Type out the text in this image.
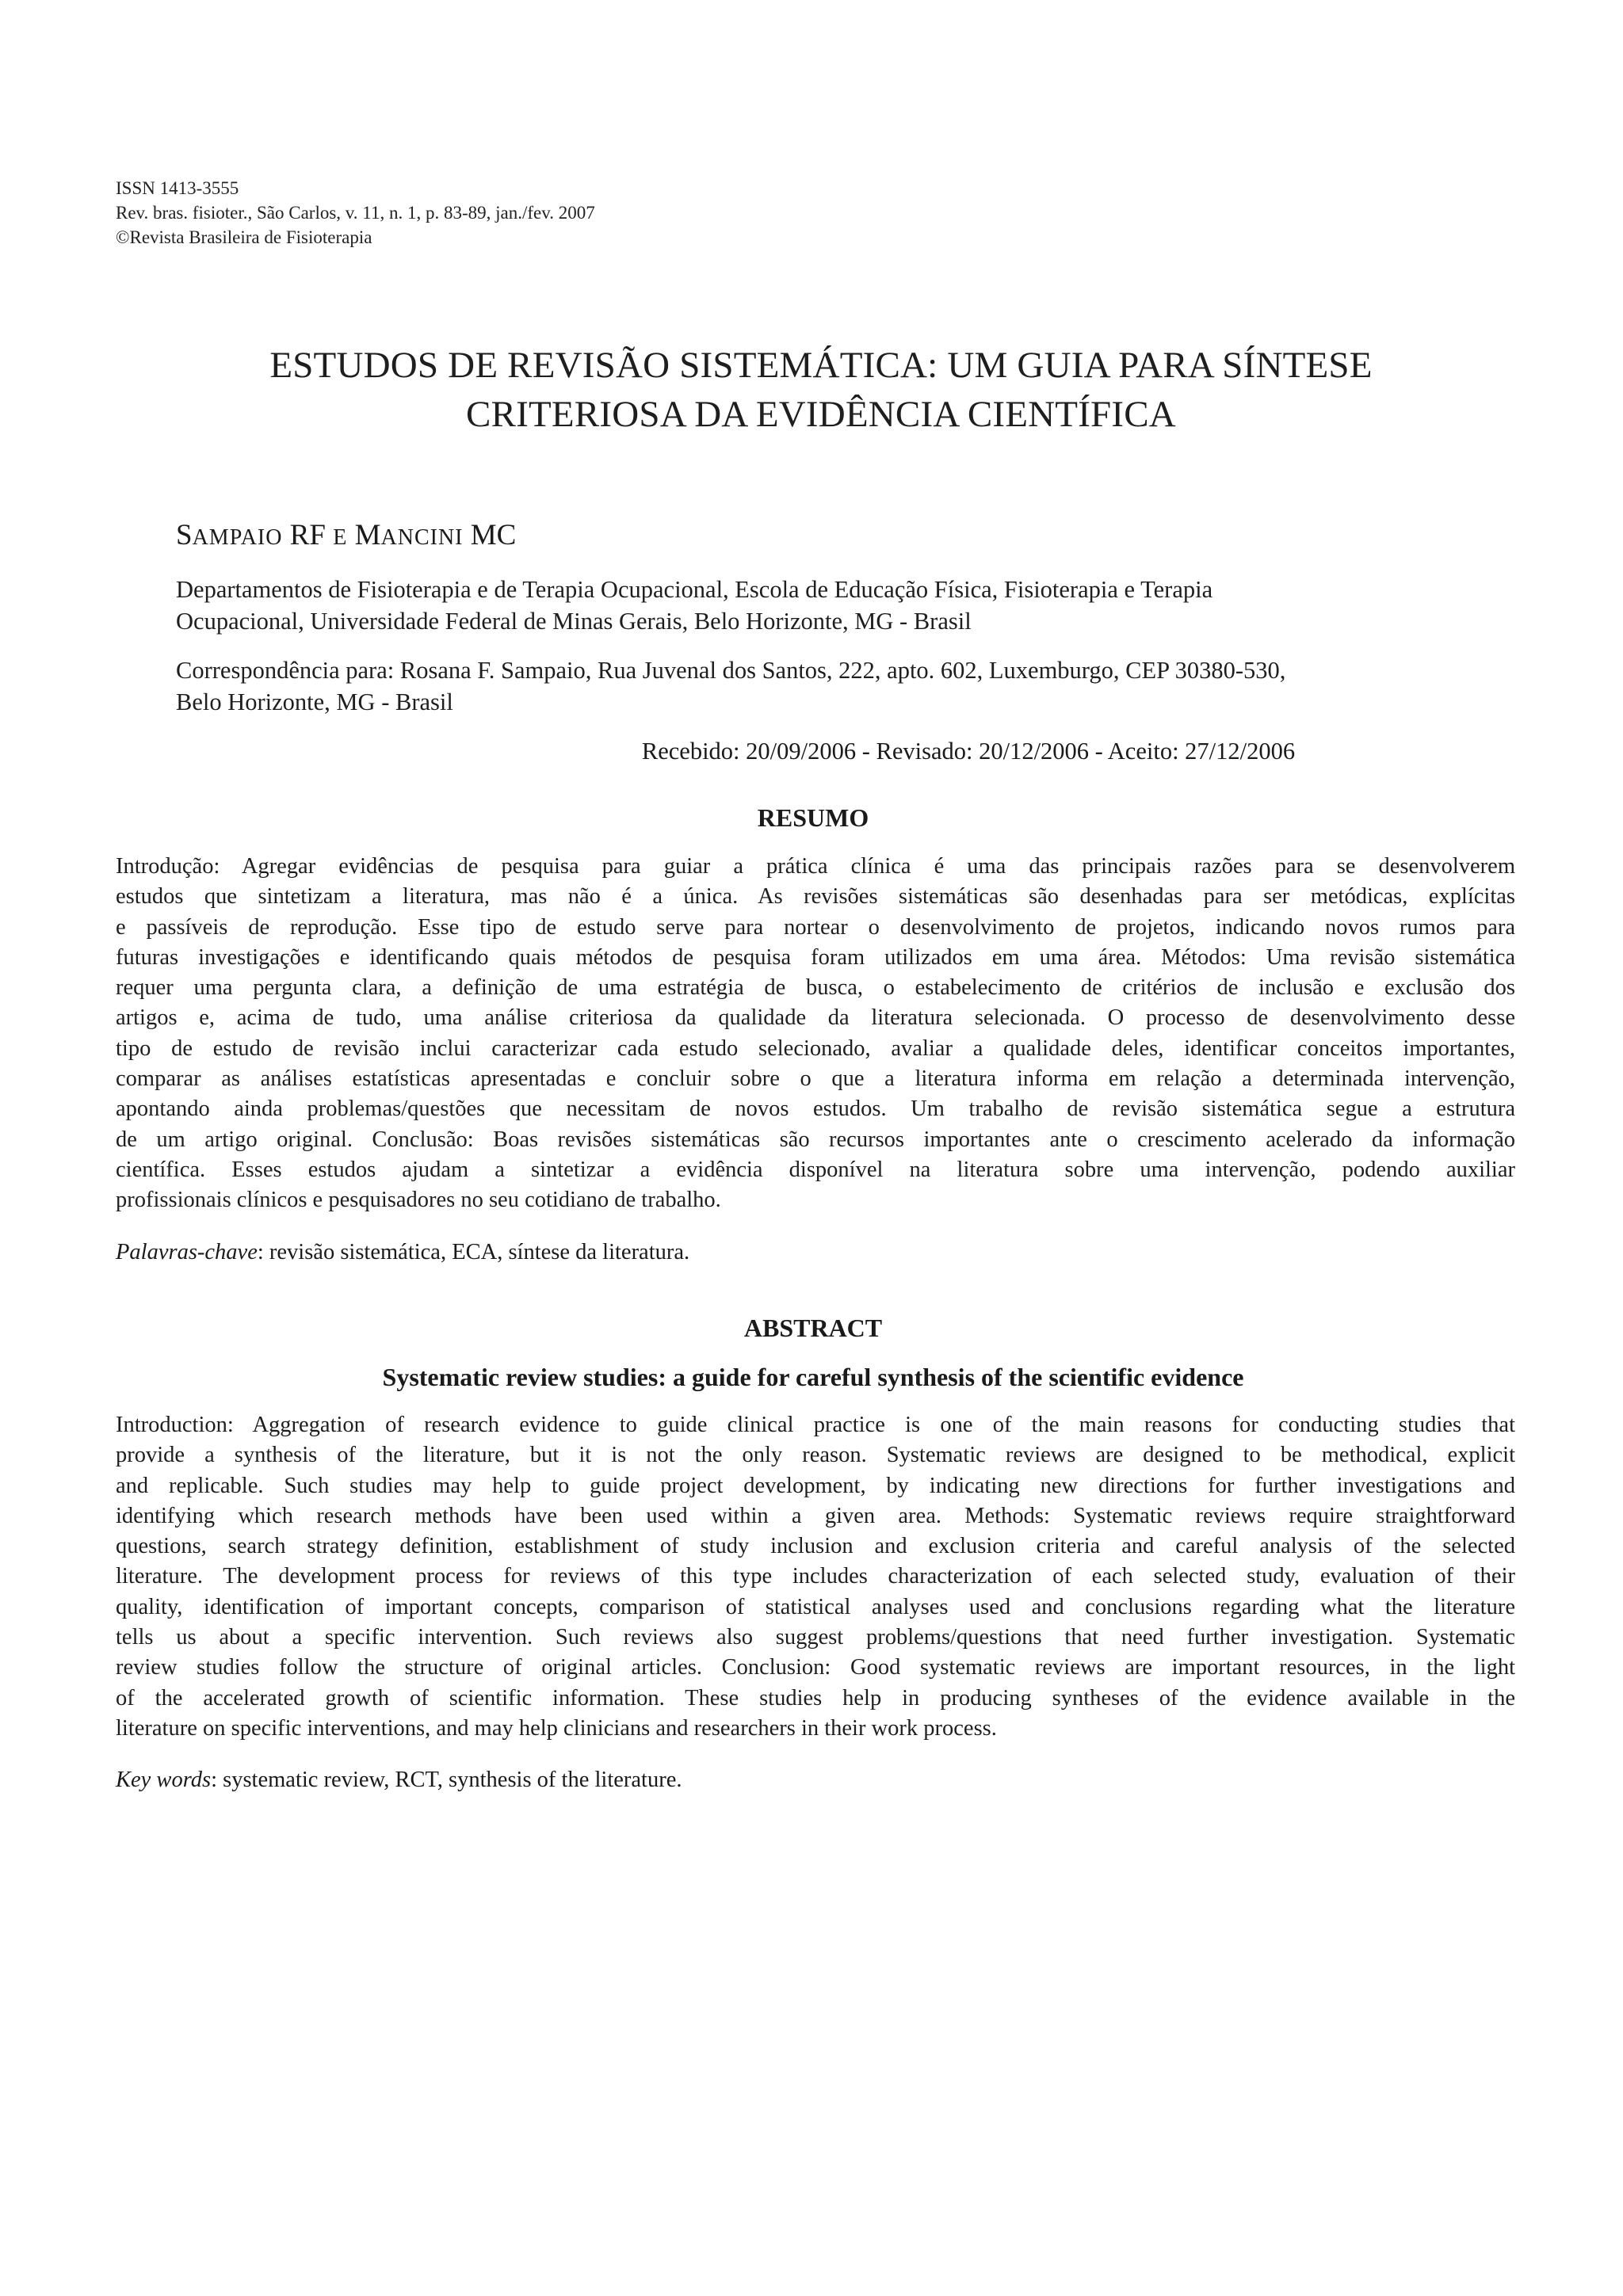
ISSN 1413-3555
Rev. bras. fisioter., São Carlos, v. 11, n. 1, p. 83-89, jan./fev. 2007
©Revista Brasileira de Fisioterapia
ESTUDOS DE REVISÃO SISTEMÁTICA: UM GUIA PARA SÍNTESE
CRITERIOSA DA EVIDÊNCIA CIENTÍFICA
SAMPAIO RF E MANCINI MC
Departamentos de Fisioterapia e de Terapia Ocupacional, Escola de Educação Física, Fisioterapia e Terapia
Ocupacional, Universidade Federal de Minas Gerais, Belo Horizonte, MG - Brasil
Correspondência para: Rosana F. Sampaio, Rua Juvenal dos Santos, 222, apto. 602, Luxemburgo, CEP 30380-530,
Belo Horizonte, MG - Brasil
Recebido: 20/09/2006 - Revisado: 20/12/2006 - Aceito: 27/12/2006
RESUMO
Introdução: Agregar evidências de pesquisa para guiar a prática clínica é uma das principais razões para se desenvolverem
estudos que sintetizam a literatura, mas não é a única. As revisões sistemáticas são desenhadas para ser metódicas, explícitas
e passíveis de reprodução. Esse tipo de estudo serve para nortear o desenvolvimento de projetos, indicando novos rumos para
futuras investigações e identificando quais métodos de pesquisa foram utilizados em uma área. Métodos: Uma revisão sistemática
requer uma pergunta clara, a definição de uma estratégia de busca, o estabelecimento de critérios de inclusão e exclusão dos
artigos e, acima de tudo, uma análise criteriosa da qualidade da literatura selecionada. O processo de desenvolvimento desse
tipo de estudo de revisão inclui caracterizar cada estudo selecionado, avaliar a qualidade deles, identificar conceitos importantes,
comparar as análises estatísticas apresentadas e concluir sobre o que a literatura informa em relação a determinada intervenção,
apontando ainda problemas/questões que necessitam de novos estudos. Um trabalho de revisão sistemática segue a estrutura
de um artigo original. Conclusão: Boas revisões sistemáticas são recursos importantes ante o crescimento acelerado da informação
científica. Esses estudos ajudam a sintetizar a evidência disponível na literatura sobre uma intervenção, podendo auxiliar
profissionais clínicos e pesquisadores no seu cotidiano de trabalho.
Palavras-chave: revisão sistemática, ECA, síntese da literatura.
ABSTRACT
Systematic review studies: a guide for careful synthesis of the scientific evidence
Introduction: Aggregation of research evidence to guide clinical practice is one of the main reasons for conducting studies that
provide a synthesis of the literature, but it is not the only reason. Systematic reviews are designed to be methodical, explicit
and replicable. Such studies may help to guide project development, by indicating new directions for further investigations and
identifying which research methods have been used within a given area. Methods: Systematic reviews require straightforward
questions, search strategy definition, establishment of study inclusion and exclusion criteria and careful analysis of the selected
literature. The development process for reviews of this type includes characterization of each selected study, evaluation of their
quality, identification of important concepts, comparison of statistical analyses used and conclusions regarding what the literature
tells us about a specific intervention. Such reviews also suggest problems/questions that need further investigation. Systematic
review studies follow the structure of original articles. Conclusion: Good systematic reviews are important resources, in the light
of the accelerated growth of scientific information. These studies help in producing syntheses of the evidence available in the
literature on specific interventions, and may help clinicians and researchers in their work process.
Key words: systematic review, RCT, synthesis of the literature.
